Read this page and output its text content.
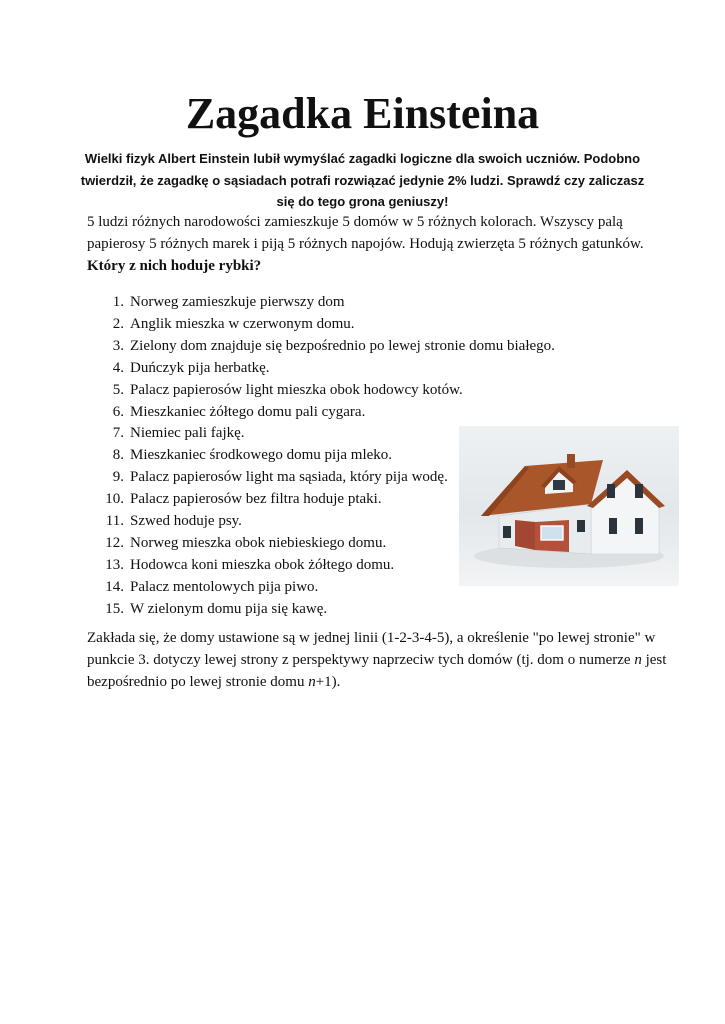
Zagadka Einsteina

Wielki fizyk Albert Einstein lubił wymyślać zagadki logiczne dla swoich uczniów. Podobno twierdził, że zagadkę o sąsiadach potrafi rozwiązać jedynie 2% ludzi. Sprawdź czy zaliczasz się do tego grona geniuszy!

5 ludzi różnych narodowości zamieszkuje 5 domów w 5 różnych kolorach. Wszyscy palą papierosy 5 różnych marek i piją 5 różnych napojów. Hodują zwierzęta 5 różnych gatunków.
Który z nich hoduje rybki?

1. Norweg zamieszkuje pierwszy dom
2. Anglik mieszka w czerwonym domu.
3. Zielony dom znajduje się bezpośrednio po lewej stronie domu białego.
4. Duńczyk pija herbatkę.
5. Palacz papierosów light mieszka obok hodowcy kotów.
6. Mieszkaniec żółtego domu pali cygara.
7. Niemiec pali fajkę.
8. Mieszkaniec środkowego domu pija mleko.
9. Palacz papierosów light ma sąsiada, który pija wodę.
10. Palacz papierosów bez filtra hoduje ptaki.
11. Szwed hoduje psy.
12. Norweg mieszka obok niebieskiego domu.
13. Hodowca koni mieszka obok żółtego domu.
14. Palacz mentolowych pija piwo.
15. W zielonym domu pija się kawę.

Zakłada się, że domy ustawione są w jednej linii (1-2-3-4-5), a określenie "po lewej stronie" w punkcie 3. dotyczy lewej strony z perspektywy naprzeciw tych domów (tj. dom o numerze n jest bezpośrednio po lewej stronie domu n+1).
